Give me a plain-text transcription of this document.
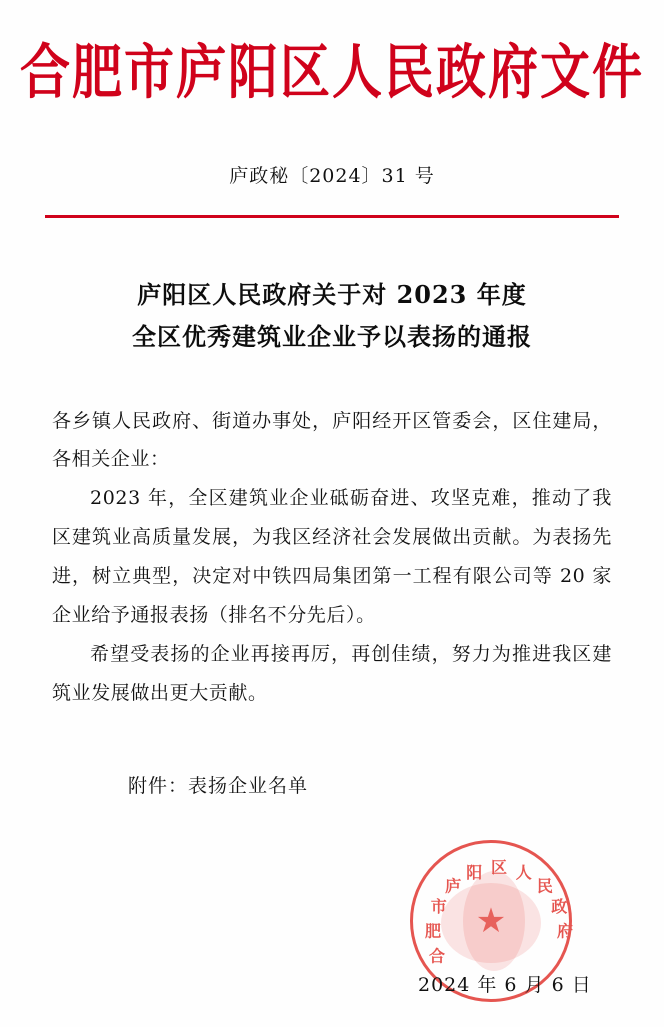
合肥市庐阳区人民政府文件
庐政秘〔2024〕31 号
庐阳区人民政府关于对 2023 年度
全区优秀建筑业企业予以表扬的通报
各乡镇人民政府、街道办事处，庐阳经开区管委会，区住建局，各相关企业：
2023 年，全区建筑业企业砥砺奋进、攻坚克难，推动了我区建筑业高质量发展，为我区经济社会发展做出贡献。为表扬先进，树立典型，决定对中铁四局集团第一工程有限公司等 20 家企业给予通报表扬（排名不分先后）。
希望受表扬的企业再接再厉，再创佳绩，努力为推进我区建筑业发展做出更大贡献。
附件：表扬企业名单
合
肥
市
庐
阳 区 人
民
政
府
★
2024 年 6 月 6 日
